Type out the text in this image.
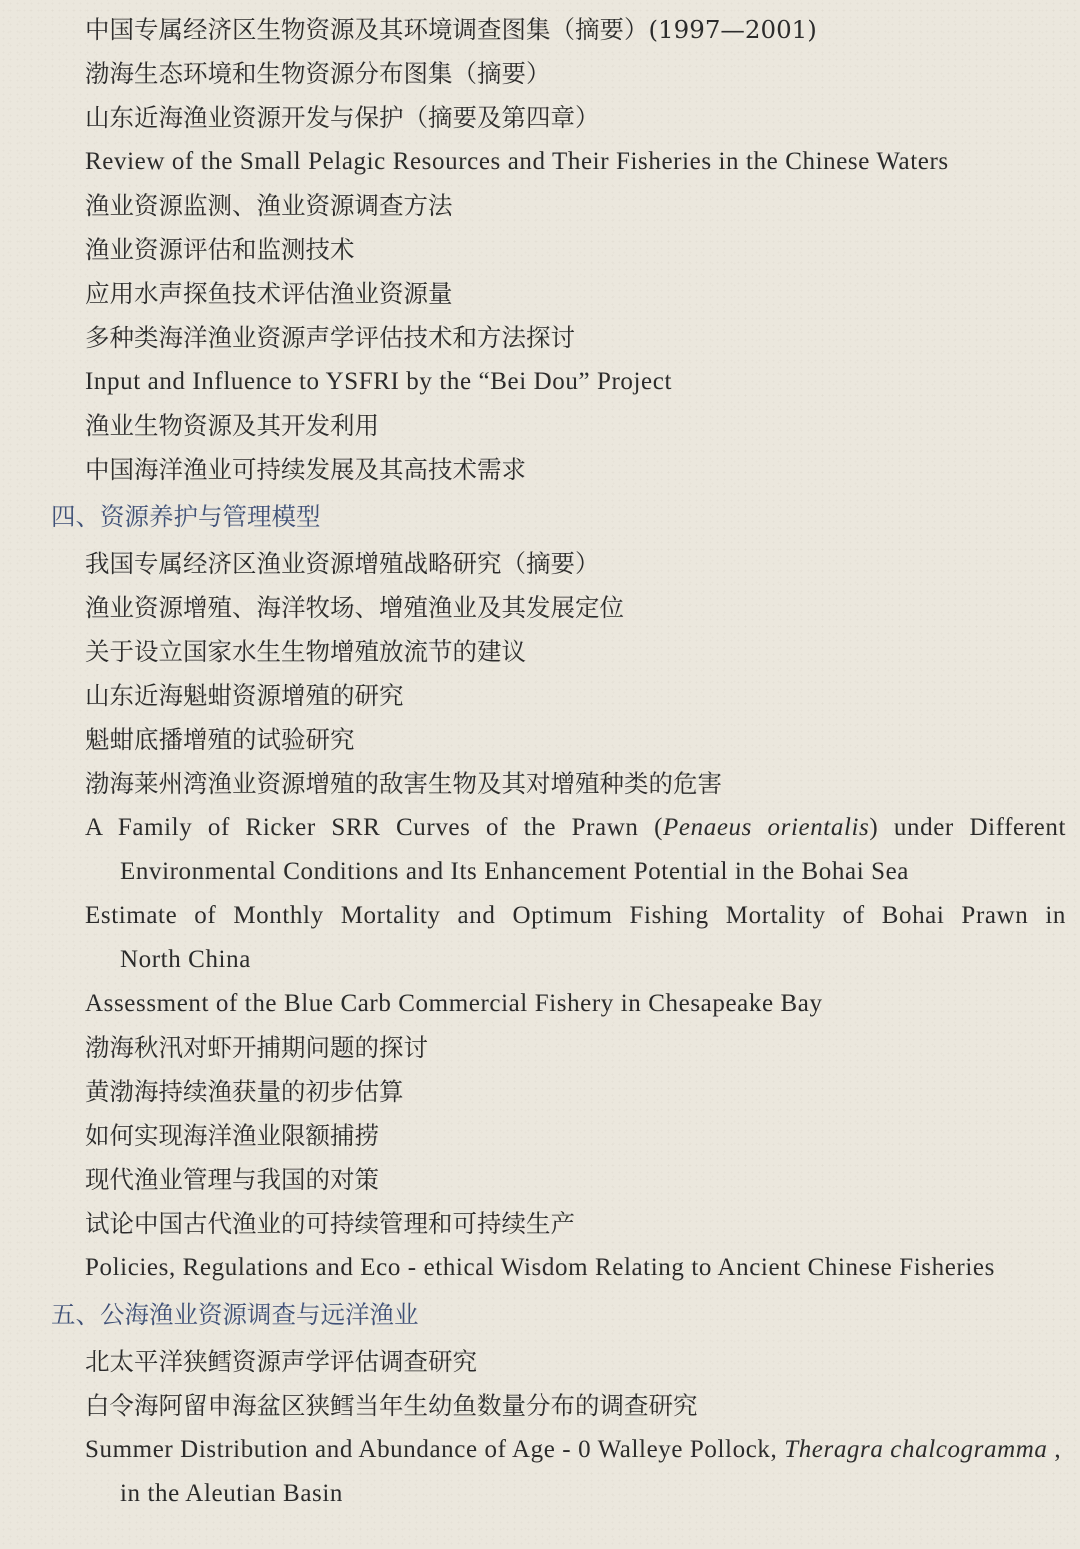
中国专属经济区生物资源及其环境调查图集（摘要）(1997—2001)
渤海生态环境和生物资源分布图集（摘要）
山东近海渔业资源开发与保护（摘要及第四章）
Review of the Small Pelagic Resources and Their Fisheries in the Chinese Waters
渔业资源监测、渔业资源调查方法
渔业资源评估和监测技术
应用水声探鱼技术评估渔业资源量
多种类海洋渔业资源声学评估技术和方法探讨
Input and Influence to YSFRI by the “Bei Dou” Project
渔业生物资源及其开发利用
中国海洋渔业可持续发展及其高技术需求
四、资源养护与管理模型
我国专属经济区渔业资源增殖战略研究（摘要）
渔业资源增殖、海洋牧场、增殖渔业及其发展定位
关于设立国家水生生物增殖放流节的建议
山东近海魁蚶资源增殖的研究
魁蚶底播增殖的试验研究
渤海莱州湾渔业资源增殖的敌害生物及其对增殖种类的危害
A Family of Ricker SRR Curves of the Prawn (Penaeus orientalis) under Different
Environmental Conditions and Its Enhancement Potential in the Bohai Sea
Estimate of Monthly Mortality and Optimum Fishing Mortality of Bohai Prawn in
North China
Assessment of the Blue Carb Commercial Fishery in Chesapeake Bay
渤海秋汛对虾开捕期问题的探讨
黄渤海持续渔获量的初步估算
如何实现海洋渔业限额捕捞
现代渔业管理与我国的对策
试论中国古代渔业的可持续管理和可持续生产
Policies, Regulations and Eco - ethical Wisdom Relating to Ancient Chinese Fisheries
五、公海渔业资源调查与远洋渔业
北太平洋狭鳕资源声学评估调查研究
白令海阿留申海盆区狭鳕当年生幼鱼数量分布的调查研究
Summer Distribution and Abundance of Age - 0 Walleye Pollock, Theragra chalcogramma ,
in the Aleutian Basin
